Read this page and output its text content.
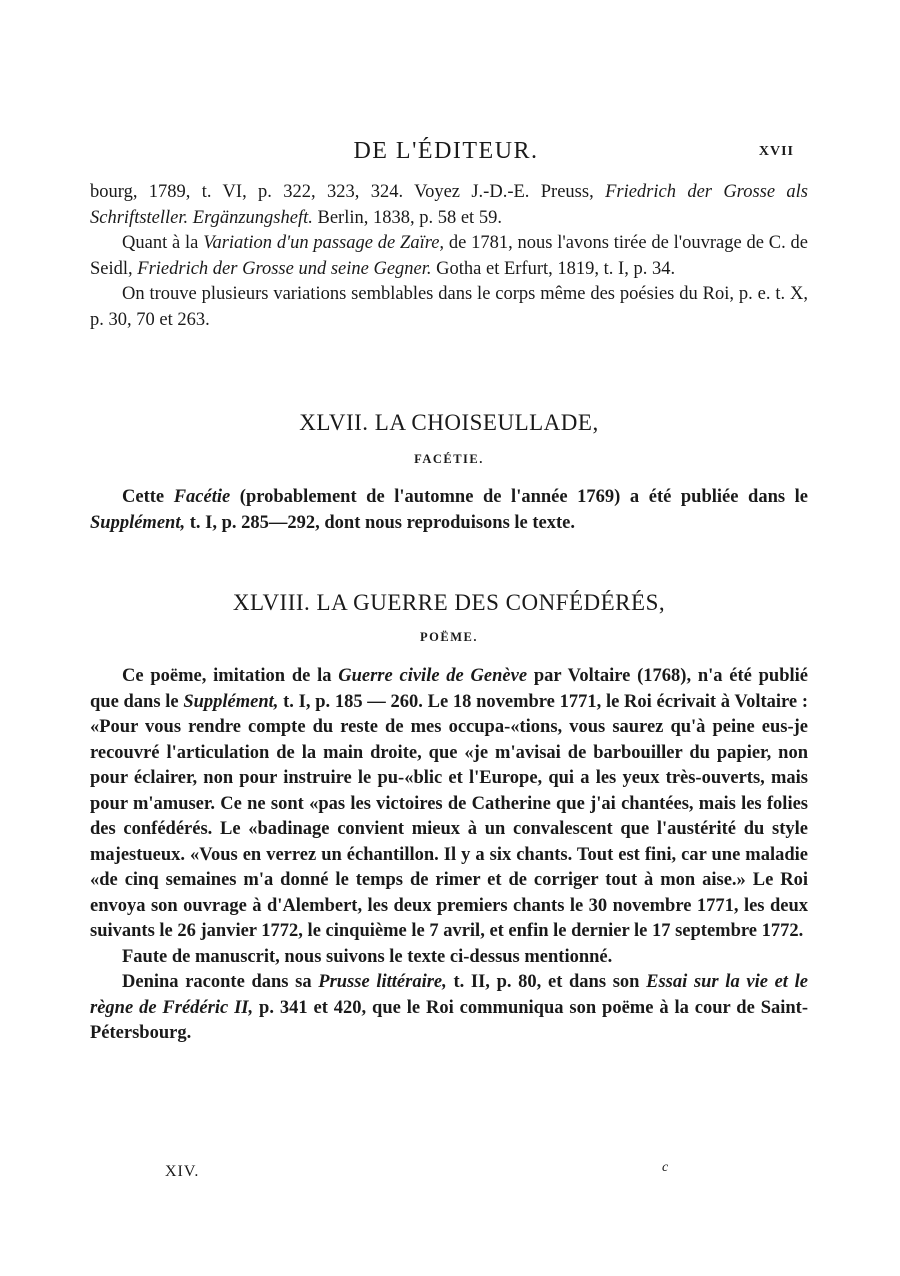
DE L'ÉDITEUR.	XVII

bourg, 1789, t. VI, p. 322, 323, 324. Voyez J.-D.-E. Preuss, Friedrich der Grosse als Schriftsteller. Ergänzungsheft. Berlin, 1838, p. 58 et 59.

Quant à la Variation d'un passage de Zaïre, de 1781, nous l'avons tirée de l'ouvrage de C. de Seidl, Friedrich der Grosse und seine Gegner. Gotha et Erfurt, 1819, t. I, p. 34.

On trouve plusieurs variations semblables dans le corps même des poésies du Roi, p. e. t. X, p. 30, 70 et 263.

XLVII. LA CHOISEULLADE,
FACÉTIE.

Cette Facétie (probablement de l'automne de l'année 1769) a été publiée dans le Supplément, t. I, p. 285—292, dont nous reproduisons le texte.

XLVIII. LA GUERRE DES CONFÉDÉRÉS,
POËME.

Ce poëme, imitation de la Guerre civile de Genève par Voltaire (1768), n'a été publié que dans le Supplément, t. I, p. 185 — 260. Le 18 novembre 1771, le Roi écrivait à Voltaire : «Pour vous rendre compte du reste de mes occupa-«tions, vous saurez qu'à peine eus-je recouvré l'articulation de la main droite, que «je m'avisai de barbouiller du papier, non pour éclairer, non pour instruire le pu-«blic et l'Europe, qui a les yeux très-ouverts, mais pour m'amuser. Ce ne sont «pas les victoires de Catherine que j'ai chantées, mais les folies des confédérés. Le «badinage convient mieux à un convalescent que l'austérité du style majestueux. «Vous en verrez un échantillon. Il y a six chants. Tout est fini, car une maladie «de cinq semaines m'a donné le temps de rimer et de corriger tout à mon aise.» Le Roi envoya son ouvrage à d'Alembert, les deux premiers chants le 30 novembre 1771, les deux suivants le 26 janvier 1772, le cinquième le 7 avril, et enfin le dernier le 17 septembre 1772.

Faute de manuscrit, nous suivons le texte ci-dessus mentionné.

Denina raconte dans sa Prusse littéraire, t. II, p. 80, et dans son Essai sur la vie et le règne de Frédéric II, p. 341 et 420, que le Roi communiqua son poëme à la cour de Saint-Pétersbourg.

XIV.	c
